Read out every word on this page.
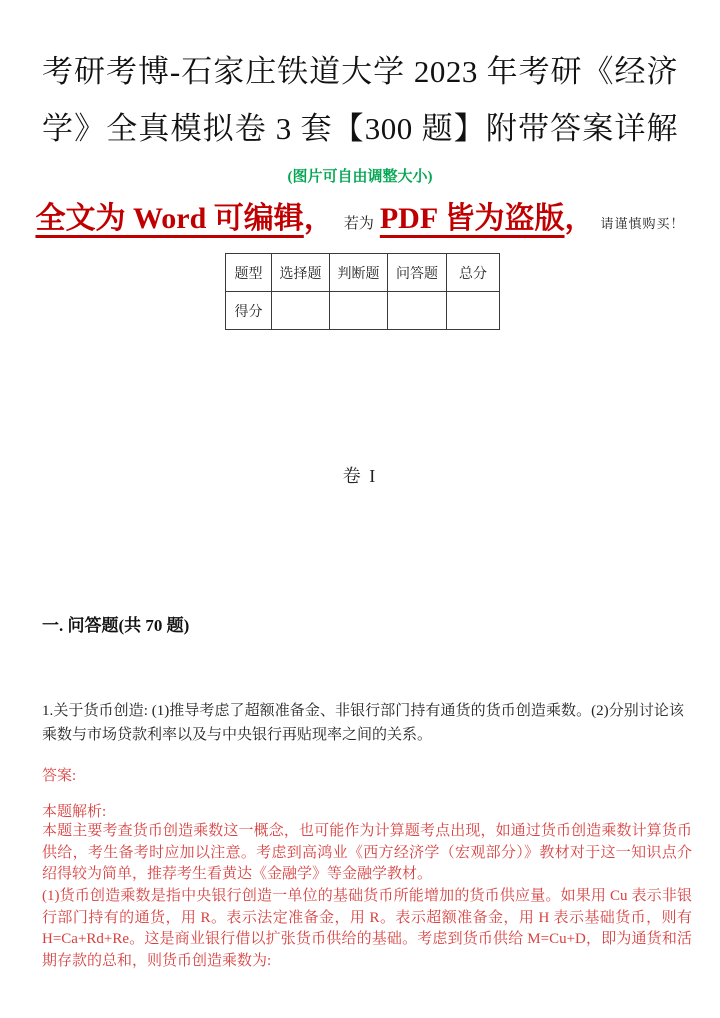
考研考博-石家庄铁道大学 2023 年考研《经济
学》全真模拟卷 3 套【300 题】附带答案详解
(图片可自由调整大小)
全文为 Word 可编辑， 若为 PDF 皆为盗版， 请谨慎购买！
题型	选择题	判断题	问答题	总分
得分				
卷 I
一. 问答题(共 70 题)
1.关于货币创造: (1)推导考虑了超额准备金、非银行部门持有通货的货币创造乘数。(2)分别讨论该乘数与市场贷款利率以及与中央银行再贴现率之间的关系。
答案:
本题解析:
本题主要考查货币创造乘数这一概念，也可能作为计算题考点出现，如通过货币创造乘数计算货币供给，考生备考时应加以注意。考虑到高鸿业《西方经济学（宏观部分）》教材对于这一知识点介绍得较为简单，推荐考生看黄达《金融学》等金融学教材。
(1)货币创造乘数是指中央银行创造一单位的基础货币所能增加的货币供应量。如果用 Cu 表示非银行部门持有的通货，用 R。表示法定准备金，用 R。表示超额准备金，用 H 表示基础货币，则有 H=Ca+Rd+Re。这是商业银行借以扩张货币供给的基础。考虑到货币供给 M=Cu+D，即为通货和活期存款的总和，则货币创造乘数为:
